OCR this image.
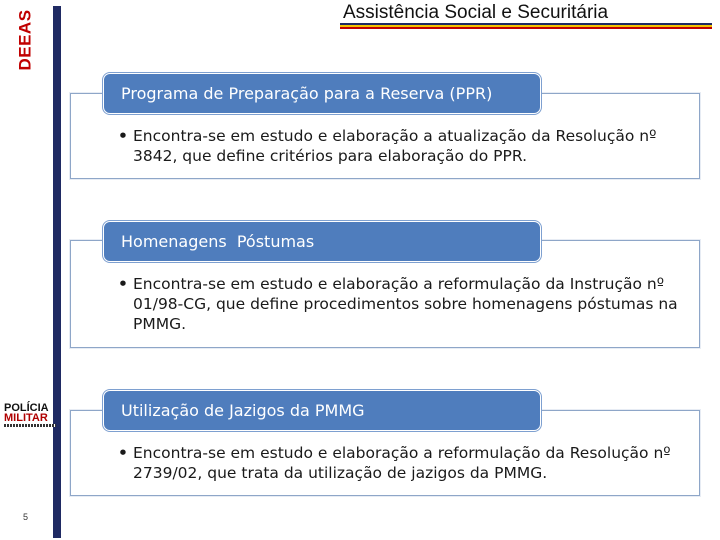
DEEAS
POLÍCIA
MILITAR
5
Assistência Social e Securitária
Programa de Preparação para a Reserva (PPR)
• Encontra-se em estudo e elaboração a atualização da Resolução nº 3842, que define critérios para elaboração do PPR.
Homenagens  Póstumas
• Encontra-se em estudo e elaboração a reformulação da Instrução nº 01/98-CG, que define procedimentos sobre homenagens póstumas na PMMG.
Utilização de Jazigos da PMMG
• Encontra-se em estudo e elaboração a reformulação da Resolução nº 2739/02, que trata da utilização de jazigos da PMMG.
